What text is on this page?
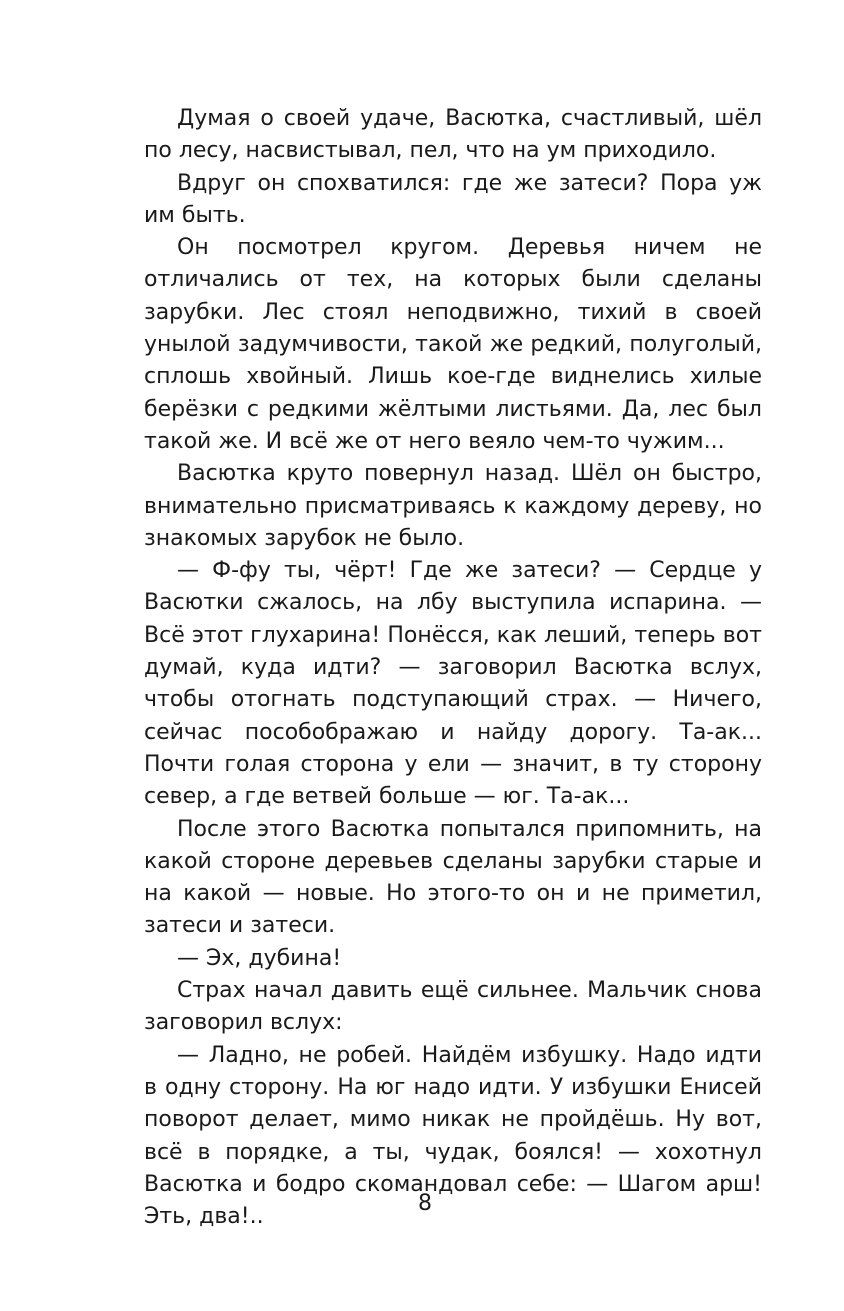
Думая о своей удаче, Васютка, счастливый, шёл по лесу, насвистывал, пел, что на ум приходило.

Вдруг он спохватился: где же затеси? Пора уж им быть.

Он посмотрел кругом. Деревья ничем не отличались от тех, на которых были сделаны зарубки. Лес стоял неподвижно, тихий в своей унылой задумчивости, такой же редкий, полуголый, сплошь хвойный. Лишь кое-где виднелись хилые берёзки с редкими жёлтыми листьями. Да, лес был такой же. И всё же от него веяло чем-то чужим...

Васютка круто повернул назад. Шёл он быстро, внимательно присматриваясь к каждому дереву, но знакомых зарубок не было.

— Ф-фу ты, чёрт! Где же затеси? — Сердце у Васютки сжалось, на лбу выступила испарина. — Всё этот глухарина! Понёсся, как леший, теперь вот думай, куда идти? — заговорил Васютка вслух, чтобы отогнать подступающий страх. — Ничего, сейчас пособображаю и найду дорогу. Та-ак... Почти голая сторона у ели — значит, в ту сторону север, а где ветвей больше — юг. Та-ак...

После этого Васютка попытался припомнить, на какой стороне деревьев сделаны зарубки старые и на какой — новые. Но этого-то он и не приметил, затеси и затеси.

— Эх, дубина!

Страх начал давить ещё сильнее. Мальчик снова заговорил вслух:

— Ладно, не робей. Найдём избушку. Надо идти в одну сторону. На юг надо идти. У избушки Енисей поворот делает, мимо никак не пройдёшь. Ну вот, всё в порядке, а ты, чудак, боялся! — хохотнул Васютка и бодро скомандовал себе: — Шагом арш! Эть, два!..

8
